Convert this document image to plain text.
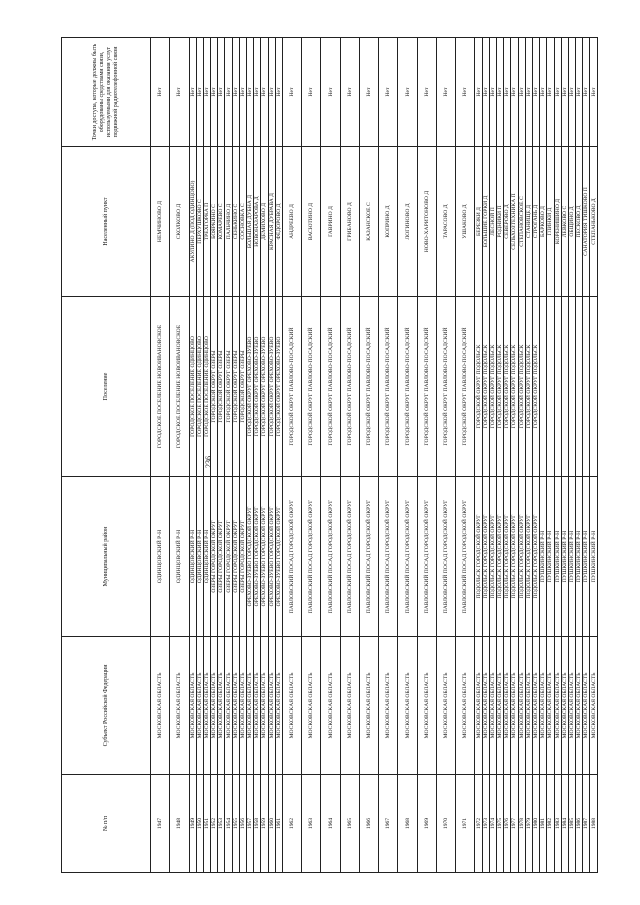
236
№ п/п	Субъект Российской Федерации	Муниципальный район	Поселение	Населенный пункт	Точки доступа, которые должны быть оборудованы средствами связи, используемыми для оказания услуг подвижной радиотелефонной связи
1947	МОСКОВСКАЯ ОБЛАСТЬ	ОДИНЦОВСКИЙ Р-Н	ГОРОДСКОЕ ПОСЕЛЕНИЕ НОВОИВАНОВСКОЕ	НЕМЧИНОВО Д	Нет
1948	МОСКОВСКАЯ ОБЛАСТЬ	ОДИНЦОВСКИЙ Р-Н	ГОРОДСКОЕ ПОСЕЛЕНИЕ НОВОИВАНОВСКОЕ	СКОЛКОВО Д	Нет
1949	МОСКОВСКАЯ ОБЛАСТЬ	ОДИНЦОВСКИЙ Р-Н	ГОРОДСКОЕ ПОСЕЛЕНИЕ ОДИНЦОВО	АКУЛИНО Д (ПОД ОДИНЦОВО)	Нет
1950	МОСКОВСКАЯ ОБЛАСТЬ	ОДИНЦОВСКИЙ Р-Н	ГОРОДСКОЕ ПОСЕЛЕНИЕ ОДИНЦОВО	ПЕРХУШКОВО С	Нет
1951	МОСКОВСКАЯ ОБЛАСТЬ	ОДИНЦОВСКИЙ Р-Н	ГОРОДСКОЕ ПОСЕЛЕНИЕ ОДИНЦОВО	ТРЕХГОРКА П	Нет
1952	МОСКОВСКАЯ ОБЛАСТЬ	ОЗЕРЫ ГОРОДСКОЙ ОКРУГ	ГОРОДСКОЙ ОКРУГ ОЗЕРЫ	БОЯРКИНО С	Нет
1953	МОСКОВСКАЯ ОБЛАСТЬ	ОЗЕРЫ ГОРОДСКОЙ ОКРУГ	ГОРОДСКОЙ ОКРУГ ОЗЕРЫ	КОМАРЕВО С	Нет
1954	МОСКОВСКАЯ ОБЛАСТЬ	ОЗЕРЫ ГОРОДСКОЙ ОКРУГ	ГОРОДСКОЙ ОКРУГ ОЗЕРЫ	ПАЛЬЧИНО Д	Нет
1955	МОСКОВСКАЯ ОБЛАСТЬ	ОЗЕРЫ ГОРОДСКОЙ ОКРУГ	ГОРОДСКОЙ ОКРУГ ОЗЕРЫ	СЕНЬКИНО С	Нет
1956	МОСКОВСКАЯ ОБЛАСТЬ	ОЗЕРЫ ГОРОДСКОЙ ОКРУГ	ГОРОДСКОЙ ОКРУГ ОЗЕРЫ	СОСНОВКА С	Нет
1957	МОСКОВСКАЯ ОБЛАСТЬ	ОРЕХОВО-ЗУЕВО ГОРОДСКОЙ ОКРУГ	ГОРОДСКОЙ ОКРУГ ОРЕХОВО-ЗУЕВО	БОЛЬШАЯ ДУБНА Д	Нет
1958	МОСКОВСКАЯ ОБЛАСТЬ	ОРЕХОВО-ЗУЕВО ГОРОДСКОЙ ОКРУГ	ГОРОДСКОЙ ОКРУГ ОРЕХОВО-ЗУЕВО	НОВОНАЗАРОВА Д	Нет
1959	МОСКОВСКАЯ ОБЛАСТЬ	ОРЕХОВО-ЗУЕВО ГОРОДСКОЙ ОКРУГ	ГОРОДСКОЙ ОКРУГ ОРЕХОВО-ЗУЕВО	ДЕМИХОВО Д	Нет
1960	МОСКОВСКАЯ ОБЛАСТЬ	ОРЕХОВО-ЗУЕВО ГОРОДСКОЙ ОКРУГ	ГОРОДСКОЙ ОКРУГ ОРЕХОВО-ЗУЕВО	КРАСНАЯ ДУБРАВА Д	Нет
1961	МОСКОВСКАЯ ОБЛАСТЬ	ОРЕХОВО-ЗУЕВО ГОРОДСКОЙ ОКРУГ	ГОРОДСКОЙ ОКРУГ ОРЕХОВО-ЗУЕВО	ФЕДОРОВО Д	Нет
1962	МОСКОВСКАЯ ОБЛАСТЬ	ПАВЛОВСКИЙ ПОСАД ГОРОДСКОЙ ОКРУГ	ГОРОДСКОЙ ОКРУГ ПАВЛОВО-ПОСАДСКИЙ	АНДРЕЕВО Д	Нет
1963	МОСКОВСКАЯ ОБЛАСТЬ	ПАВЛОВСКИЙ ПОСАД ГОРОДСКОЙ ОКРУГ	ГОРОДСКОЙ ОКРУГ ПАВЛОВО-ПОСАДСКИЙ	ВАСЮТИНО Д	Нет
1964	МОСКОВСКАЯ ОБЛАСТЬ	ПАВЛОВСКИЙ ПОСАД ГОРОДСКОЙ ОКРУГ	ГОРОДСКОЙ ОКРУГ ПАВЛОВО-ПОСАДСКИЙ	ГАВРИНО Д	Нет
1965	МОСКОВСКАЯ ОБЛАСТЬ	ПАВЛОВСКИЙ ПОСАД ГОРОДСКОЙ ОКРУГ	ГОРОДСКОЙ ОКРУГ ПАВЛОВО-ПОСАДСКИЙ	ГРИБАНОВО Д	Нет
1966	МОСКОВСКАЯ ОБЛАСТЬ	ПАВЛОВСКИЙ ПОСАД ГОРОДСКОЙ ОКРУГ	ГОРОДСКОЙ ОКРУГ ПАВЛОВО-ПОСАДСКИЙ	КАЗАНСКОЕ С	Нет
1967	МОСКОВСКАЯ ОБЛАСТЬ	ПАВЛОВСКИЙ ПОСАД ГОРОДСКОЙ ОКРУГ	ГОРОДСКОЙ ОКРУГ ПАВЛОВО-ПОСАДСКИЙ	КОПРИНО Д	Нет
1968	МОСКОВСКАЯ ОБЛАСТЬ	ПАВЛОВСКИЙ ПОСАД ГОРОДСКОЙ ОКРУГ	ГОРОДСКОЙ ОКРУГ ПАВЛОВО-ПОСАДСКИЙ	ЛОГИНОВО Д	Нет
1969	МОСКОВСКАЯ ОБЛАСТЬ	ПАВЛОВСКИЙ ПОСАД ГОРОДСКОЙ ОКРУГ	ГОРОДСКОЙ ОКРУГ ПАВЛОВО-ПОСАДСКИЙ	НОВО-ХАРИТОНОВО Д	Нет
1970	МОСКОВСКАЯ ОБЛАСТЬ	ПАВЛОВСКИЙ ПОСАД ГОРОДСКОЙ ОКРУГ	ГОРОДСКОЙ ОКРУГ ПАВЛОВО-ПОСАДСКИЙ	ТАРАСОВО Д	Нет
1971	МОСКОВСКАЯ ОБЛАСТЬ	ПАВЛОВСКИЙ ПОСАД ГОРОДСКОЙ ОКРУГ	ГОРОДСКОЙ ОКРУГ ПАВЛОВО-ПОСАДСКИЙ	УШАКОВО Д	Нет
1972	МОСКОВСКАЯ ОБЛАСТЬ	ПОДОЛЬСК ГОРОДСКОЙ ОКРУГ	ГОРОДСКОЙ ОКРУГ ПОДОЛЬСК	БЕРЕЗКИ Д	Нет
1973	МОСКОВСКАЯ ОБЛАСТЬ	ПОДОЛЬСК ГОРОДСКОЙ ОКРУГ	ГОРОДСКОЙ ОКРУГ ПОДОЛЬСК	БОЛЬШИЕ ГОРКИ Д	Нет
1974	МОСКОВСКАЯ ОБЛАСТЬ	ПОДОЛЬСК ГОРОДСКОЙ ОКРУГ	ГОРОДСКОЙ ОКРУГ ПОДОЛЬСК	ЛЕСНОЙ П	Нет
1975	МОСКОВСКАЯ ОБЛАСТЬ	ПОДОЛЬСК ГОРОДСКОЙ ОКРУГ	ГОРОДСКОЙ ОКРУГ ПОДОЛЬСК	РОДНИКИ П	Нет
1976	МОСКОВСКАЯ ОБЛАСТЬ	ПОДОЛЬСК ГОРОДСКОЙ ОКРУГ	ГОРОДСКОЙ ОКРУГ ПОДОЛЬСК	СЕВЕРОВО Д	Нет
1977	МОСКОВСКАЯ ОБЛАСТЬ	ПОДОЛЬСК ГОРОДСКОЙ ОКРУГ	ГОРОДСКОЙ ОКРУГ ПОДОЛЬСК	СЕЛЬХОЗТЕХНИКА П	Нет
1978	МОСКОВСКАЯ ОБЛАСТЬ	ПОДОЛЬСК ГОРОДСКОЙ ОКРУГ	ГОРОДСКОЙ ОКРУГ ПОДОЛЬСК	СТЕПАНОВСКОЕ С	Нет
1979	МОСКОВСКАЯ ОБЛАСТЬ	ПОДОЛЬСК ГОРОДСКОЙ ОКРУГ	ГОРОДСКОЙ ОКРУГ ПОДОЛЬСК	СТАНИЩЕ Д	Нет
1980	МОСКОВСКАЯ ОБЛАСТЬ	ПОДОЛЬСК ГОРОДСКОЙ ОКРУГ	ГОРОДСКОЙ ОКРУГ ПОДОЛЬСК	СТРОГАНЬ Д	Нет
1981	МОСКОВСКАЯ ОБЛАСТЬ	ПУШКИНСКИЙ Р-Н		БАРКОВО Д	Нет
1982	МОСКОВСКАЯ ОБЛАСТЬ	ПУШКИНСКИЙ Р-Н		ГЛИНКИ Д	Нет
1983	МОСКОВСКАЯ ОБЛАСТЬ	ПУШКИНСКИЙ Р-Н		КОРЕНИШИНО Д	Нет
1984	МОСКОВСКАЯ ОБЛАСТЬ	ПУШКИНСКИЙ Р-Н		ЛЕВКОВО С	Нет
1985	МОСКОВСКАЯ ОБЛАСТЬ	ПУШКИНСКИЙ Р-Н		ОБЩИНО Д	Нет
1986	МОСКОВСКАЯ ОБЛАСТЬ	ПУШКИНСКИЙ Р-Н		ПЕСКОВО Д	Нет
1987	МОСКОВСКАЯ ОБЛАСТЬ	ПУШКИНСКИЙ Р-Н		САНАТОРИЯ ТИШКОВО П	Нет
1988	МОСКОВСКАЯ ОБЛАСТЬ	ПУШКИНСКИЙ Р-Н		СТЕПАНЬКОВО Д	Нет
